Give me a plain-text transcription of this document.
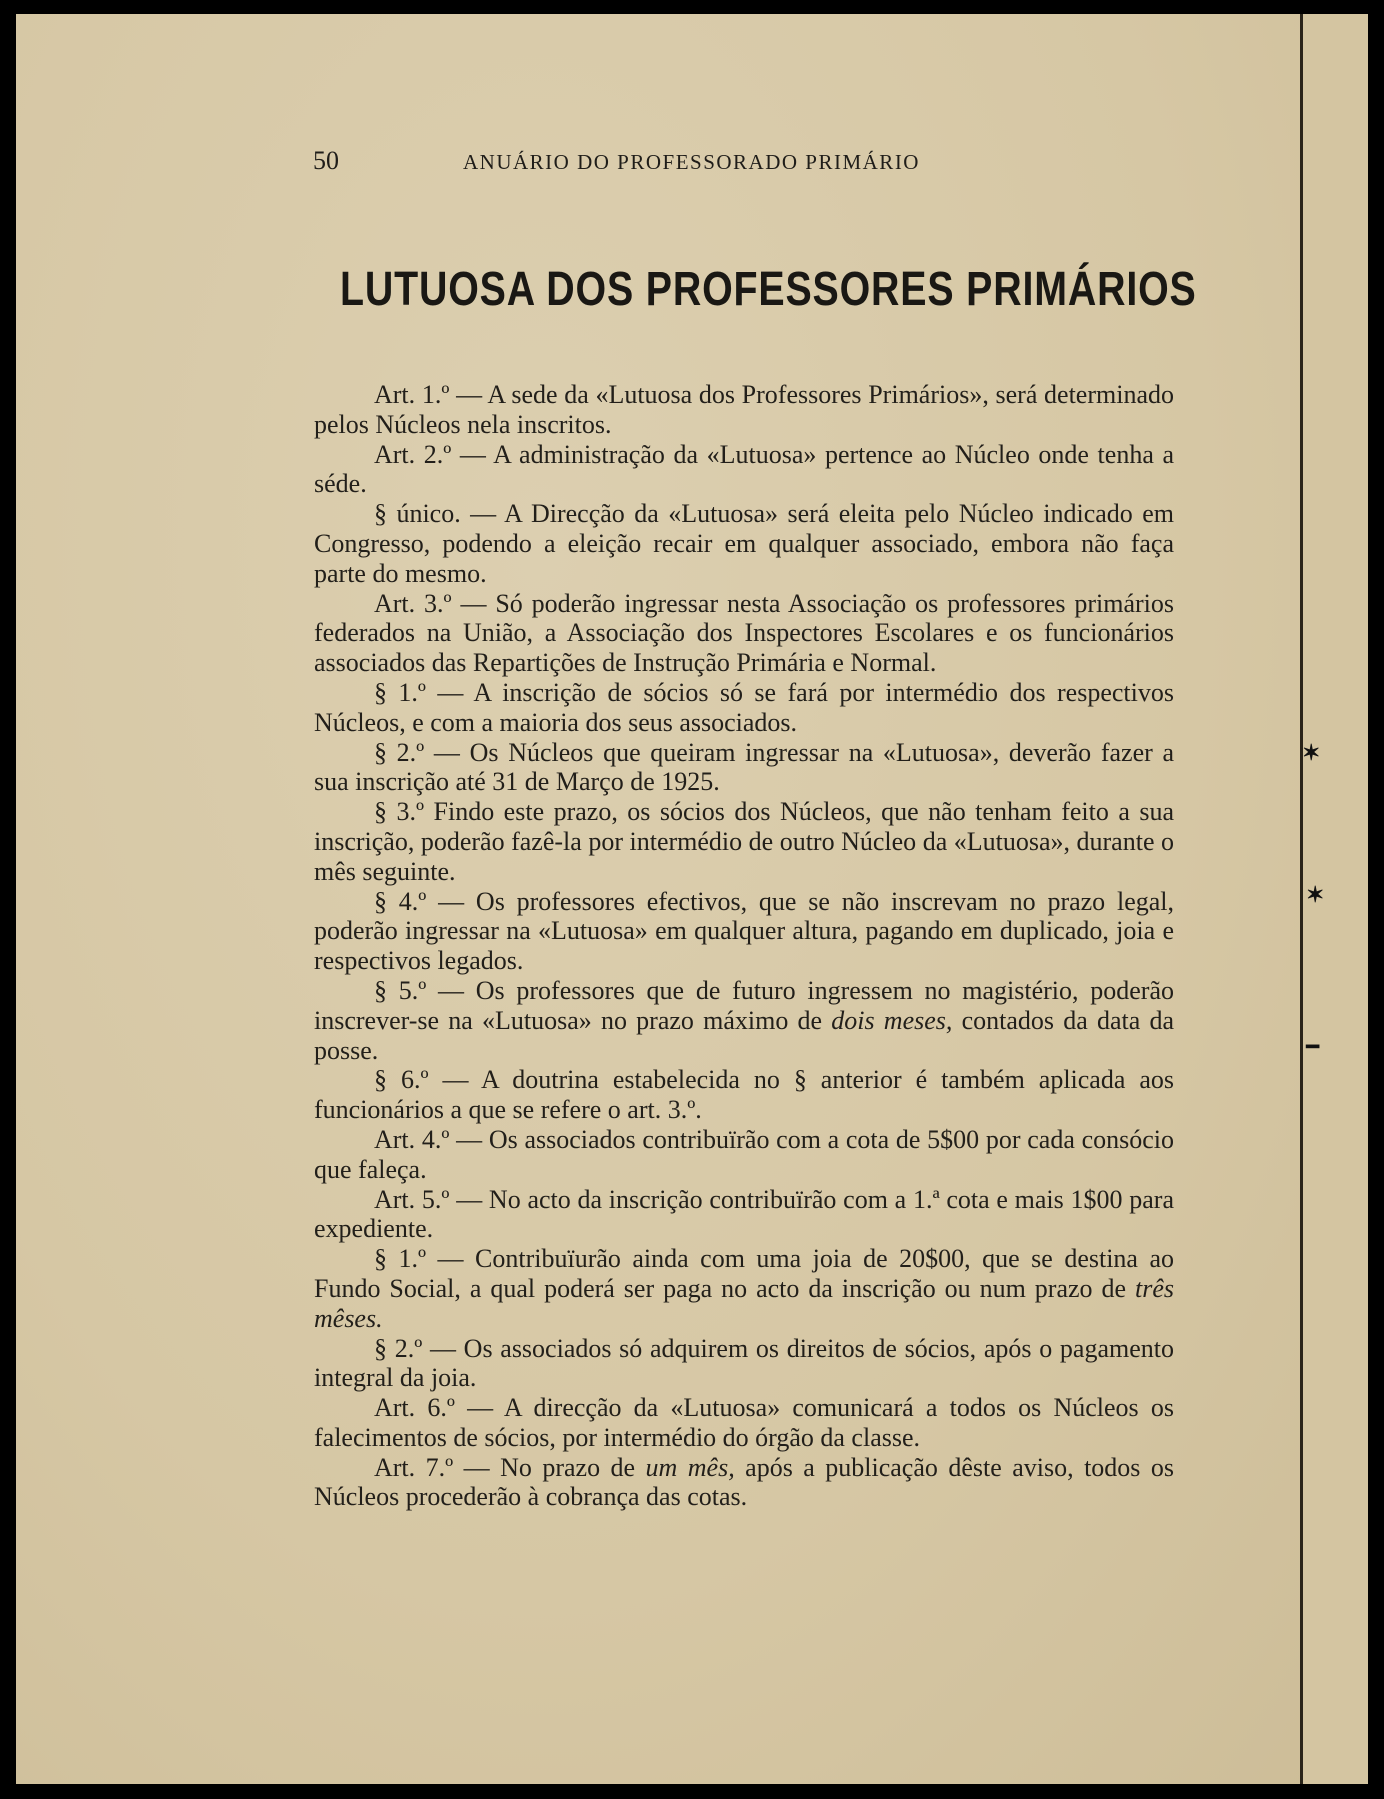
50	ANUÁRIO DO PROFESSORADO PRIMÁRIO
LUTUOSA DOS PROFESSORES PRIMÁRIOS

Art. 1.º — A sede da «Lutuosa dos Professores Primários», será determinado pelos Núcleos nela inscritos.

Art. 2.º — A administração da «Lutuosa» pertence ao Núcleo onde tenha a séde.

§ único. — A Direcção da «Lutuosa» será eleita pelo Núcleo indicado em Congresso, podendo a eleição recair em qualquer associado, embora não faça parte do mesmo.

Art. 3.º — Só poderão ingressar nesta Associação os professores primários federados na União, a Associação dos Inspectores Escolares e os funcionários associados das Repartições de Instrução Primária e Normal.

§ 1.º — A inscrição de sócios só se fará por intermédio dos respectivos Núcleos, e com a maioria dos seus associados.

§ 2.º — Os Núcleos que queiram ingressar na «Lutuosa», deverão fazer a sua inscrição até 31 de Março de 1925.

§ 3.º Findo este prazo, os sócios dos Núcleos, que não tenham feito a sua inscrição, poderão fazê-la por intermédio de outro Núcleo da «Lutuosa», durante o mês seguinte.

§ 4.º — Os professores efectivos, que se não inscrevam no prazo legal, poderão ingressar na «Lutuosa» em qualquer altura, pagando em duplicado, joia e respectivos legados.

§ 5.º — Os professores que de futuro ingressem no magistério, poderão inscrever-se na «Lutuosa» no prazo máximo de dois meses, contados da data da posse.

§ 6.º — A doutrina estabelecida no § anterior é também aplicada aos funcionários a que se refere o art. 3.º.

Art. 4.º — Os associados contribuïrão com a cota de 5$00 por cada consócio que faleça.

Art. 5.º — No acto da inscrição contribuïrão com a 1.ª cota e mais 1$00 para expediente.

§ 1.º — Contribuïurão ainda com uma joia de 20$00, que se destina ao Fundo Social, a qual poderá ser paga no acto da inscrição ou num prazo de três mêses.

§ 2.º — Os associados só adquirem os direitos de sócios, após o pagamento integral da joia.

Art. 6.º — A direcção da «Lutuosa» comunicará a todos os Núcleos os falecimentos de sócios, por intermédio do órgão da classe.

Art. 7.º — No prazo de um mês, após a publicação dêste aviso, todos os Núcleos procederão à cobrança das cotas.

✶
✶
━
